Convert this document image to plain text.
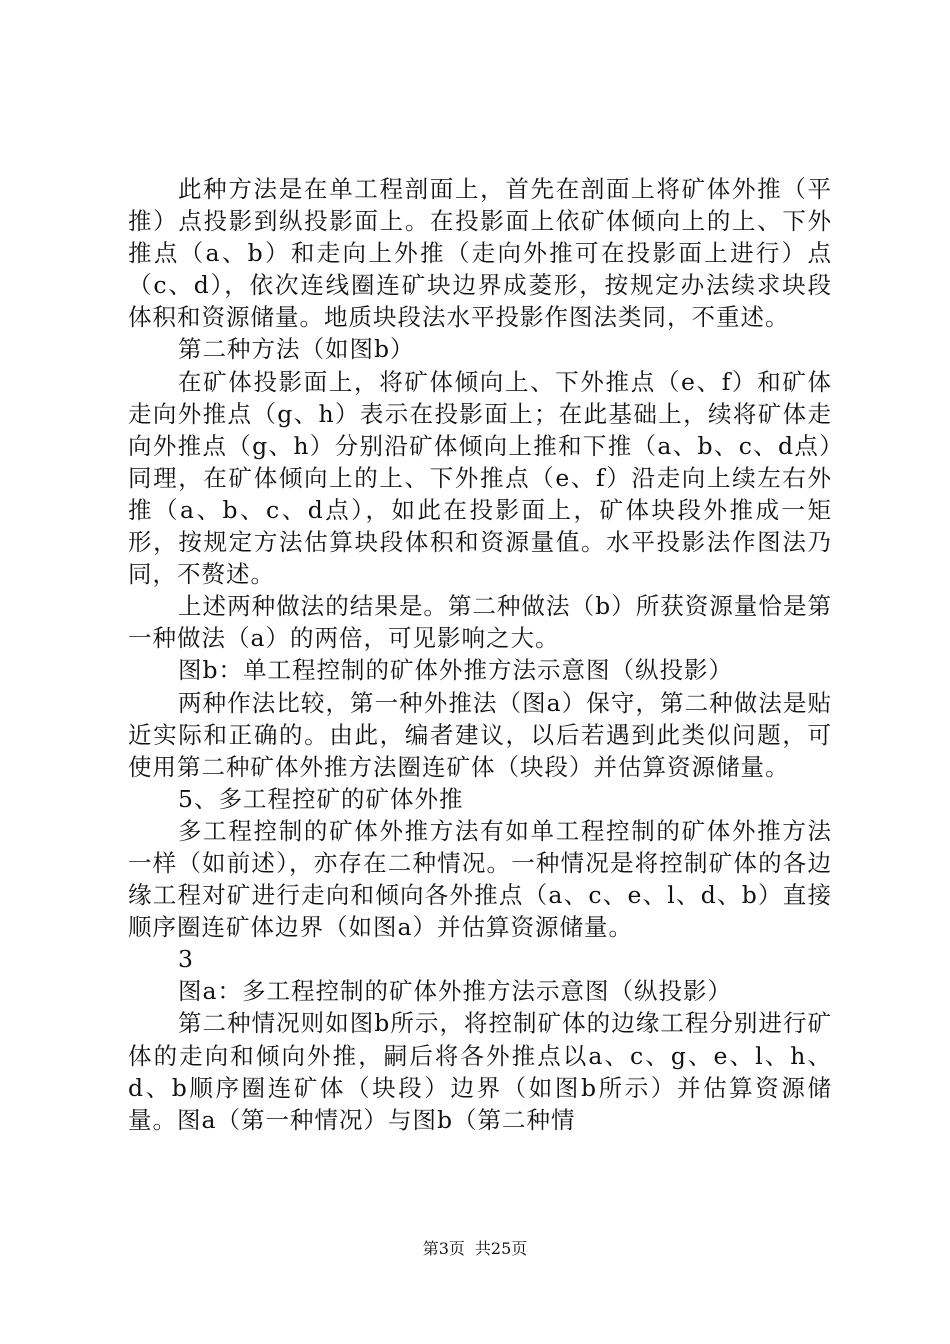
此种方法是在单工程剖面上，首先在剖面上将矿体外推（平推）点投影到纵投影面上。在投影面上依矿体倾向上的上、下外推点（a、b）和走向上外推（走向外推可在投影面上进行）点（c、d），依次连线圈连矿块边界成菱形，按规定办法续求块段体积和资源储量。地质块段法水平投影作图法类同，不重述。

第二种方法（如图b）

在矿体投影面上，将矿体倾向上、下外推点（e、f）和矿体走向外推点（g、h）表示在投影面上；在此基础上，续将矿体走向外推点（g、h）分别沿矿体倾向上推和下推（a、b、c、d点）同理，在矿体倾向上的上、下外推点（e、f）沿走向上续左右外推（a、b、c、d点），如此在投影面上，矿体块段外推成一矩形，按规定方法估算块段体积和资源量值。水平投影法作图法乃同，不赘述。

上述两种做法的结果是。第二种做法（b）所获资源量恰是第一种做法（a）的两倍，可见影响之大。

图b：单工程控制的矿体外推方法示意图（纵投影）

两种作法比较，第一种外推法（图a）保守，第二种做法是贴近实际和正确的。由此，编者建议，以后若遇到此类似问题，可使用第二种矿体外推方法圈连矿体（块段）并估算资源储量。

5、多工程控矿的矿体外推

多工程控制的矿体外推方法有如单工程控制的矿体外推方法一样（如前述），亦存在二种情况。一种情况是将控制矿体的各边缘工程对矿进行走向和倾向各外推点（a、c、e、l、d、b）直接顺序圈连矿体边界（如图a）并估算资源储量。

3

图a：多工程控制的矿体外推方法示意图（纵投影）

第二种情况则如图b所示，将控制矿体的边缘工程分别进行矿体的走向和倾向外推，嗣后将各外推点以a、c、g、e、l、h、d、b顺序圈连矿体（块段）边界（如图b所示）并估算资源储量。图a（第一种情况）与图b（第二种情

第3页 共25页
